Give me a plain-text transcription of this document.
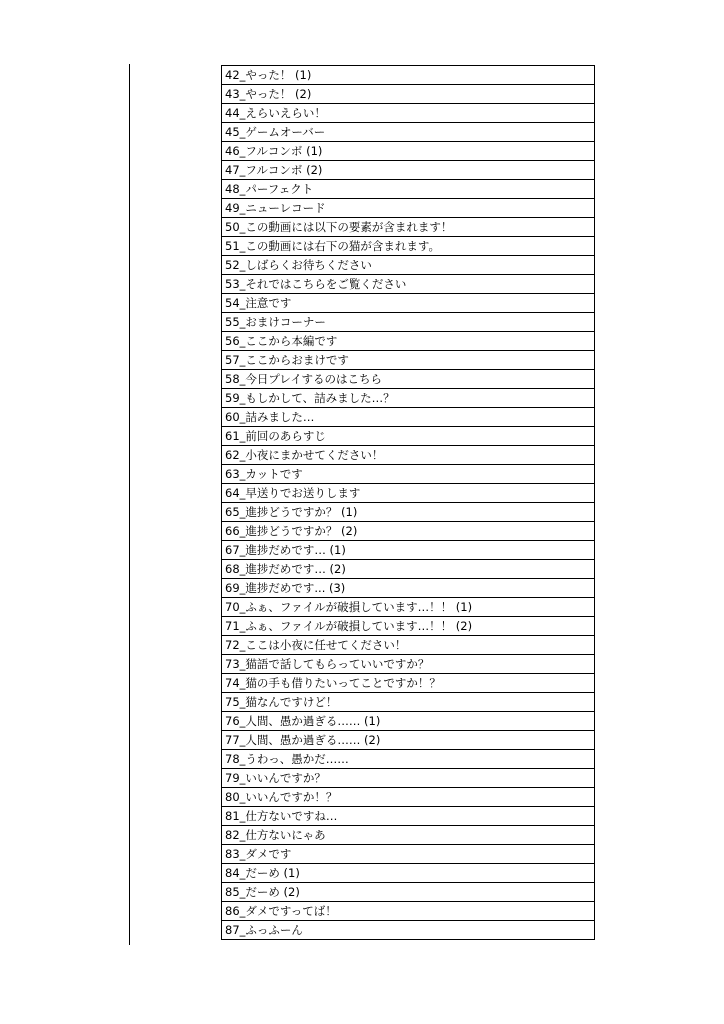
42_やった！ (1)
43_やった！ (2)
44_えらいえらい！
45_ゲームオーバー
46_フルコンボ (1)
47_フルコンボ (2)
48_パーフェクト
49_ニューレコード
50_この動画には以下の要素が含まれます！
51_この動画には右下の猫が含まれます。
52_しばらくお待ちください
53_それではこちらをご覧ください
54_注意です
55_おまけコーナー
56_ここから本編です
57_ここからおまけです
58_今日プレイするのはこちら
59_もしかして、詰みました…？
60_詰みました…
61_前回のあらすじ
62_小夜にまかせてください！
63_カットです
64_早送りでお送りします
65_進捗どうですか？ (1)
66_進捗どうですか？ (2)
67_進捗だめです… (1)
68_進捗だめです… (2)
69_進捗だめです... (3)
70_ふぁ、ファイルが破損しています…！！ (1)
71_ふぁ、ファイルが破損しています…！！ (2)
72_ここは小夜に任せてください！
73_猫語で話してもらっていいですか？
74_猫の手も借りたいってことですか！？
75_猫なんですけど！
76_人間、愚か過ぎる…… (1)
77_人間、愚か過ぎる…… (2)
78_うわっ、愚かだ……
79_いいんですか？
80_いいんですか！？
81_仕方ないですね…
82_仕方ないにゃあ
83_ダメです
84_だーめ (1)
85_だーめ (2)
86_ダメですってば！
87_ふっふーん
